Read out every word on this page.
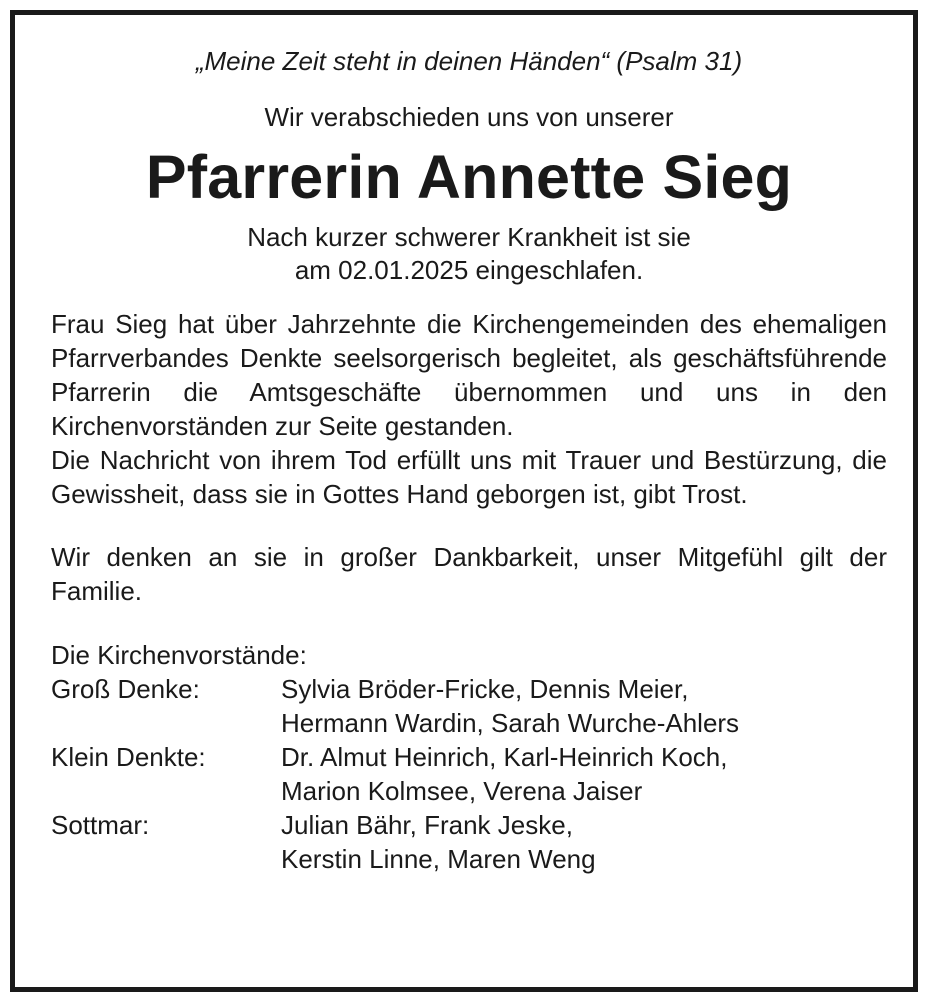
„Meine Zeit steht in deinen Händen“ (Psalm 31)

Wir verabschieden uns von unserer

Pfarrerin Annette Sieg
Nach kurzer schwerer Krankheit ist sie
am 02.01.2025 eingeschlafen.

Frau Sieg hat über Jahrzehnte die Kirchengemeinden des ehemaligen Pfarrverbandes Denkte seelsorgerisch begleitet, als geschäftsführende Pfarrerin die Amtsgeschäfte übernommen und uns in den Kirchenvorständen zur Seite gestanden.

Die Nachricht von ihrem Tod erfüllt uns mit Trauer und Bestürzung, die Gewissheit, dass sie in Gottes Hand geborgen ist, gibt Trost.

Wir denken an sie in großer Dankbarkeit, unser Mitgefühl gilt der Familie.

Die Kirchenvorstände:
Groß Denke:	Sylvia Bröder-Fricke, Dennis Meier,
Hermann Wardin, Sarah Wurche-Ahlers
Klein Denkte:	Dr. Almut Heinrich, Karl-Heinrich Koch,
Marion Kolmsee, Verena Jaiser
Sottmar:	Julian Bähr, Frank Jeske,
Kerstin Linne, Maren Weng
